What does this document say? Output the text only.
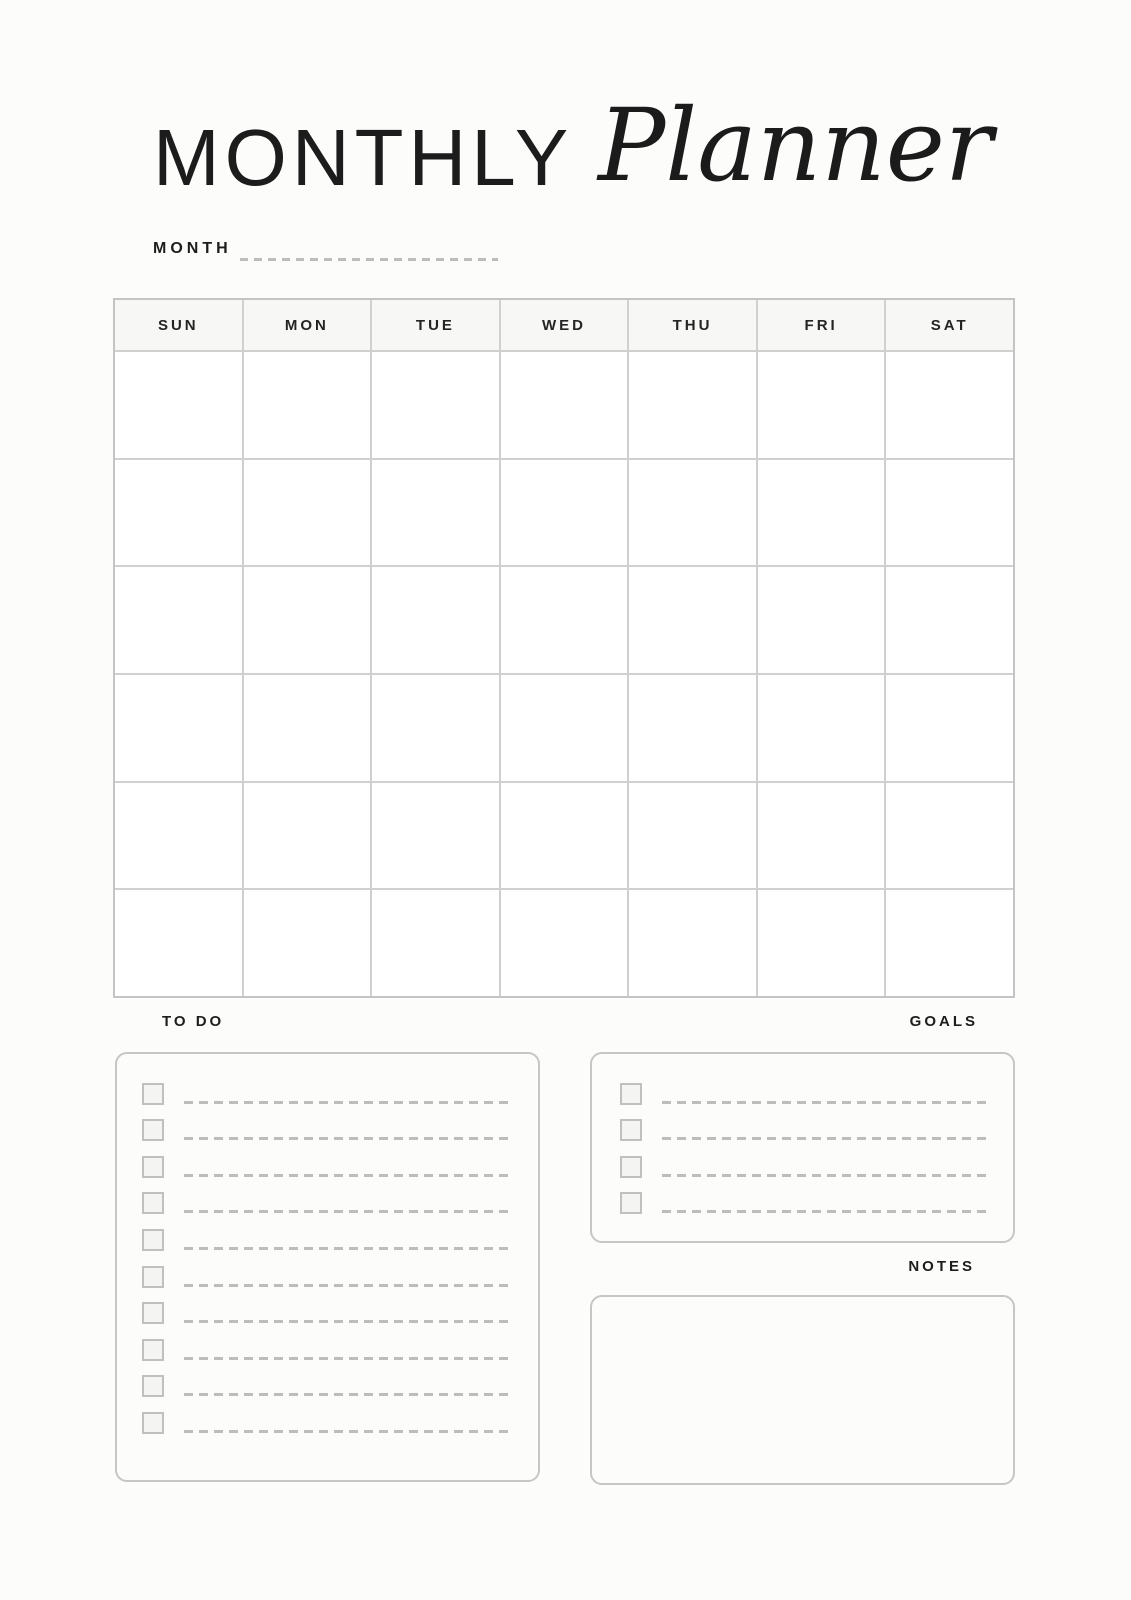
MONTHLY Planner
MONTH
SUN	MON	TUE	WED	THU	FRI	SAT
TO DO	GOALS
NOTES
